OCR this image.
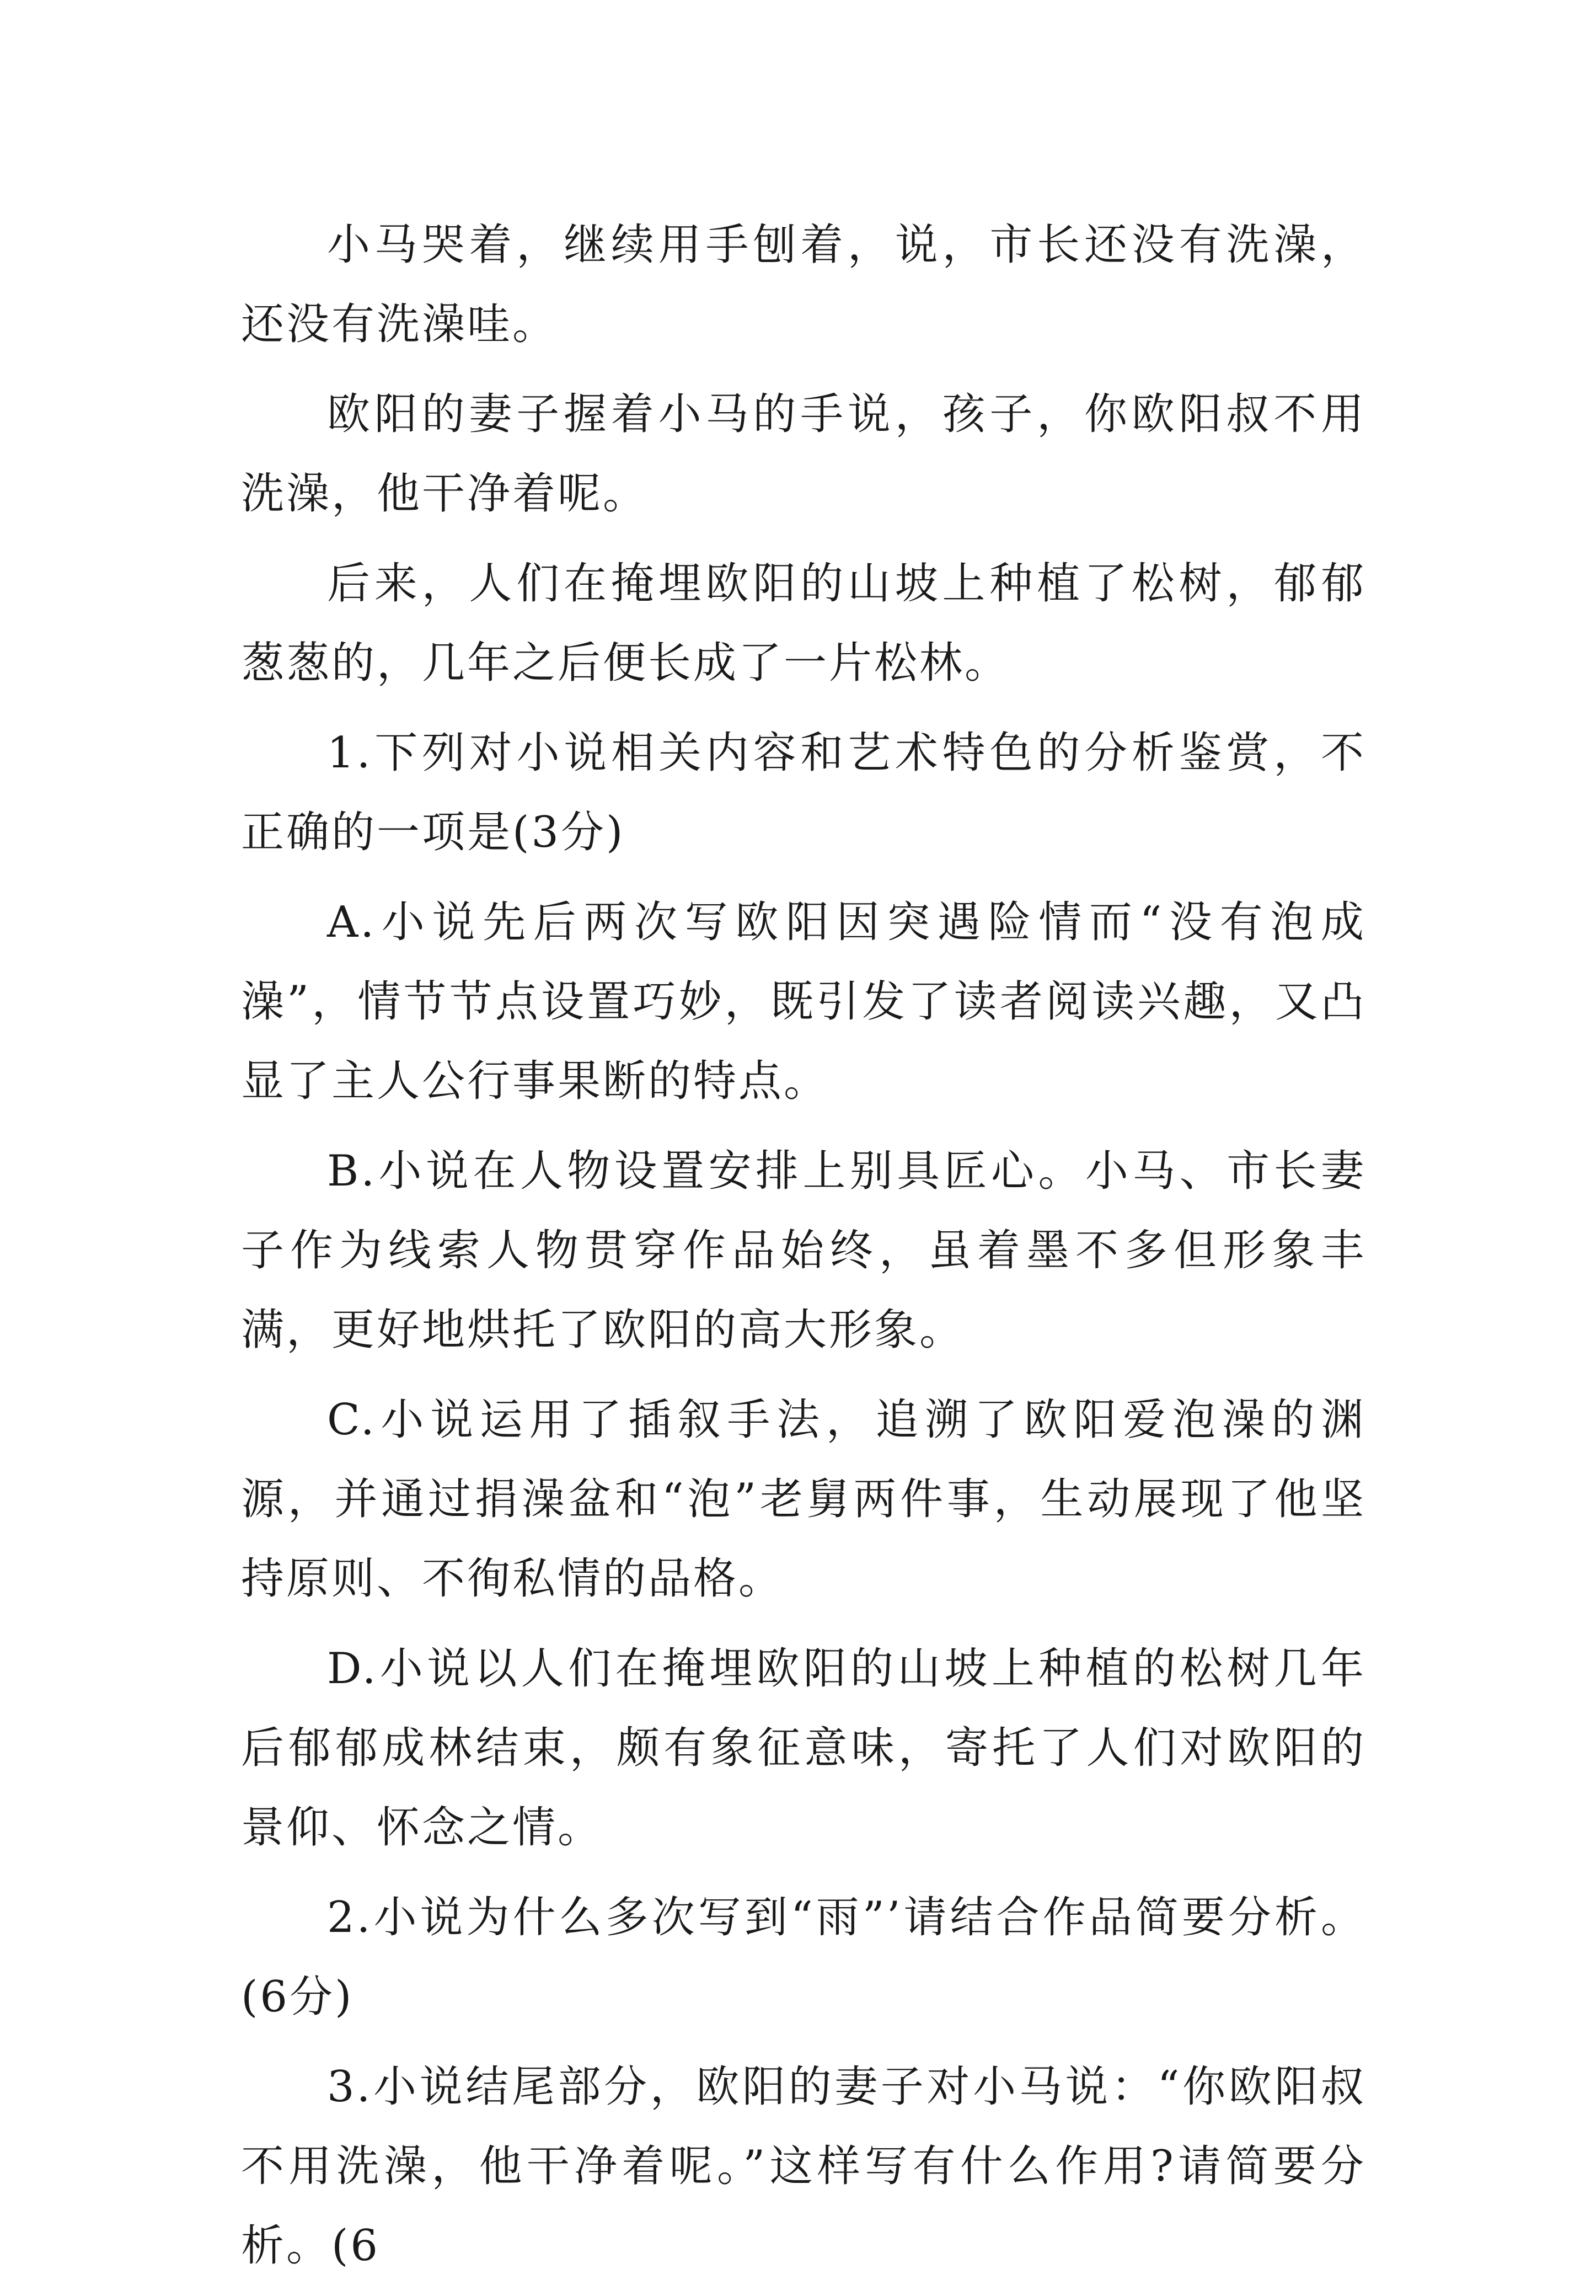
小马哭着，继续用手刨着，说，市长还没有洗澡，还没有洗澡哇。

欧阳的妻子握着小马的手说，孩子，你欧阳叔不用洗澡，他干净着呢。

后来，人们在掩埋欧阳的山坡上种植了松树，郁郁葱葱的，几年之后便长成了一片松林。

1.下列对小说相关内容和艺术特色的分析鉴赏，不正确的一项是(3分)

A.小说先后两次写欧阳因突遇险情而“没有泡成澡”，情节节点设置巧妙，既引发了读者阅读兴趣，又凸显了主人公行事果断的特点。

B.小说在人物设置安排上别具匠心。小马、市长妻子作为线索人物贯穿作品始终，虽着墨不多但形象丰满，更好地烘托了欧阳的高大形象。

C.小说运用了插叙手法，追溯了欧阳爱泡澡的渊源，并通过捐澡盆和“泡”老舅两件事，生动展现了他坚持原则、不徇私情的品格。

D.小说以人们在掩埋欧阳的山坡上种植的松树几年后郁郁成林结束，颇有象征意味，寄托了人们对欧阳的景仰、怀念之情。

2.小说为什么多次写到“雨”’请结合作品简要分析。(6分)

3.小说结尾部分，欧阳的妻子对小马说：“你欧阳叔不用洗澡，他干净着呢。”这样写有什么作用?请简要分析。(6
